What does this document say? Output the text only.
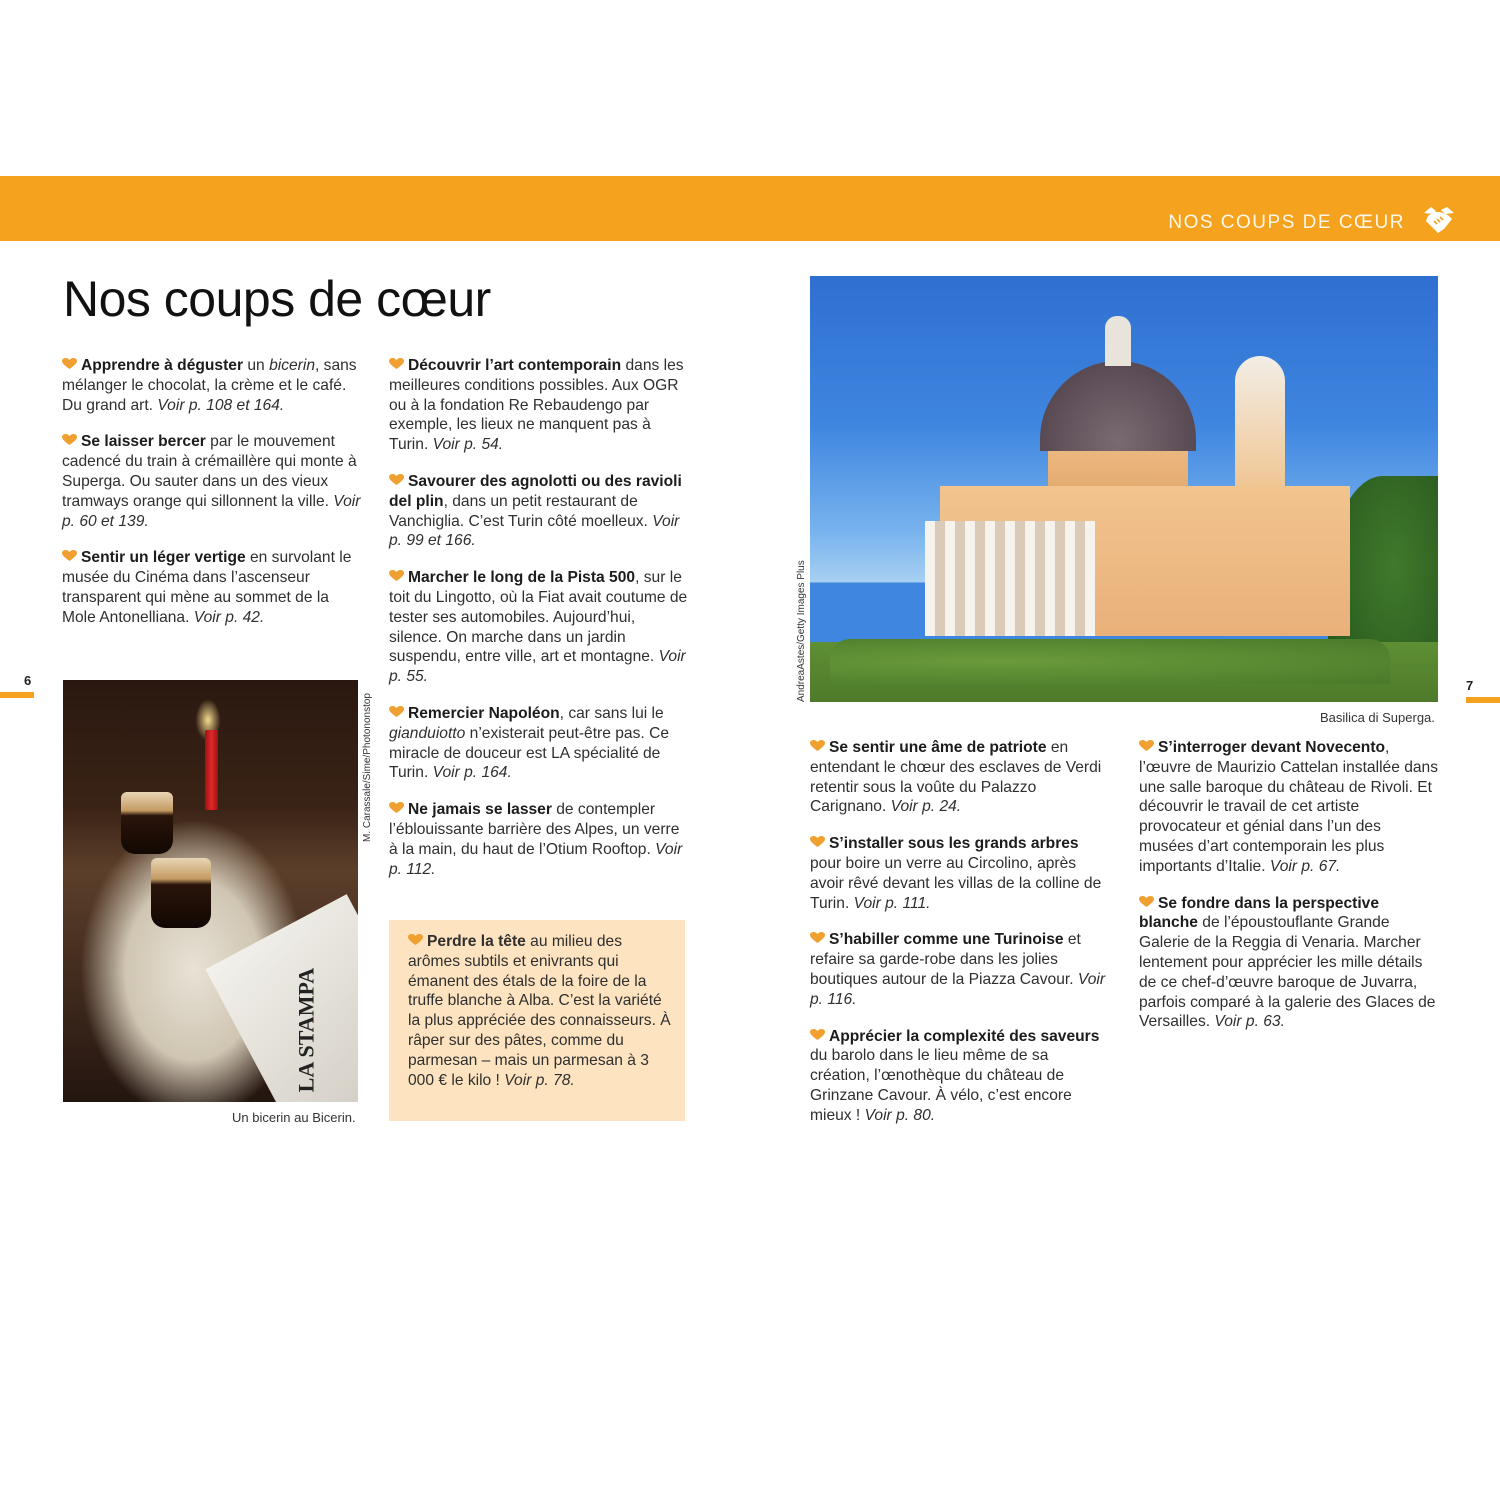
NOS COUPS DE CŒUR
Nos coups de cœur

Apprendre à déguster un bicerin, sans mélanger le chocolat, la crème et le café. Du grand art. Voir p. 108 et 164.

Se laisser bercer par le mouvement cadencé du train à crémaillère qui monte à Superga. Ou sauter dans un des vieux tramways orange qui sillonnent la ville. Voir p. 60 et 139.

Sentir un léger vertige en survolant le musée du Cinéma dans l’ascenseur transparent qui mène au sommet de la Mole Antonelliana. Voir p. 42.

Découvrir l’art contemporain dans les meilleures conditions possibles. Aux OGR ou à la fondation Re Rebaudengo par exemple, les lieux ne manquent pas à Turin. Voir p. 54.

Savourer des agnolotti ou des ravioli del plin, dans un petit restaurant de Vanchiglia. C’est Turin côté moelleux. Voir p. 99 et 166.

Marcher le long de la Pista 500, sur le toit du Lingotto, où la Fiat avait coutume de tester ses automobiles. Aujourd’hui, silence. On marche dans un jardin suspendu, entre ville, art et montagne. Voir p. 55.

Remercier Napoléon, car sans lui le gianduiotto n’existerait peut-être pas. Ce miracle de douceur est LA spécialité de Turin. Voir p. 164.

Ne jamais se lasser de contempler l’éblouissante barrière des Alpes, un verre à la main, du haut de l’Otium Rooftop. Voir p. 112.

Perdre la tête au milieu des arômes subtils et enivrants qui émanent des étals de la foire de la truffe blanche à Alba. C’est la variété la plus appréciée des connaisseurs. À râper sur des pâtes, comme du parmesan – mais un parmesan à 3 000 € le kilo ! Voir p. 78.

Se sentir une âme de patriote en entendant le chœur des esclaves de Verdi retentir sous la voûte du Palazzo Carignano. Voir p. 24.

S’installer sous les grands arbres pour boire un verre au Circolino, après avoir rêvé devant les villas de la colline de Turin. Voir p. 111.

S’habiller comme une Turinoise et refaire sa garde-robe dans les jolies boutiques autour de la Piazza Cavour. Voir p. 116.

Apprécier la complexité des saveurs du barolo dans le lieu même de sa création, l’œnothèque du château de Grinzane Cavour. À vélo, c’est encore mieux ! Voir p. 80.

S’interroger devant Novecento, l’œuvre de Maurizio Cattelan installée dans une salle baroque du château de Rivoli. Et découvrir le travail de cet artiste provocateur et génial dans l’un des musées d’art contemporain les plus importants d’Italie. Voir p. 67.

Se fondre dans la perspective blanche de l’époustouflante Grande Galerie de la Reggia di Venaria. Marcher lentement pour apprécier les mille détails de ce chef-d’œuvre baroque de Juvarra, parfois comparé à la galerie des Glaces de Versailles. Voir p. 63.

6	7
LA STAMPA
M. Carassale/Sime/Photononstop
Un bicerin au Bicerin.
AndreaAstes/Getty Images Plus
Basilica di Superga.
